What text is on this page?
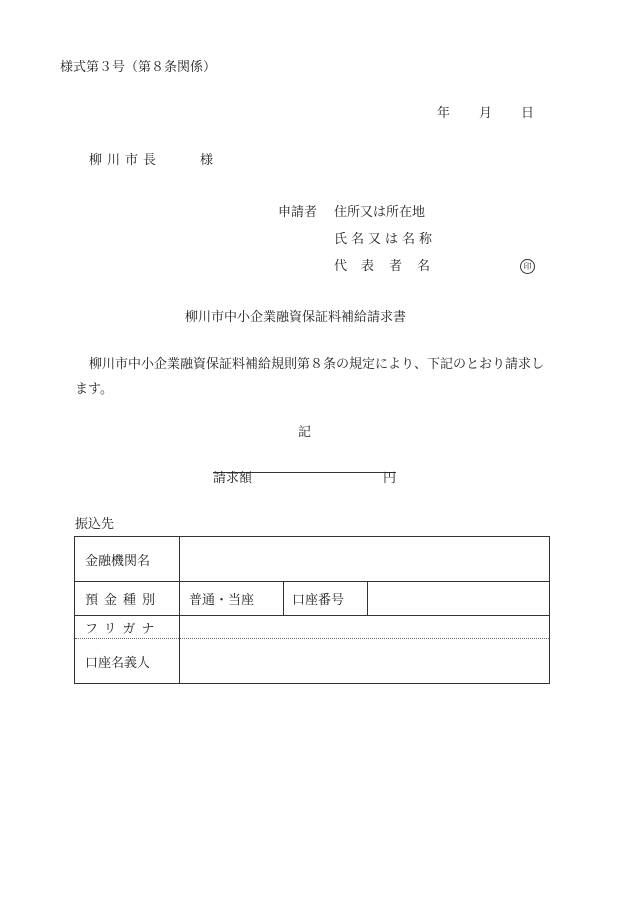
様式第３号（第８条関係）
年 月 日
柳川市長	様
申請者 住所又は所在地
氏名又は名称
代 表 者 名	印
柳川市中小企業融資保証料補給請求書
柳川市中小企業融資保証料補給規則第８条の規定により、下記のとおり請求します。
記
請求額	円
振込先
金融機関名	
預金種別	普通・当座 口座番号

フリガナ	
口座名義人	
